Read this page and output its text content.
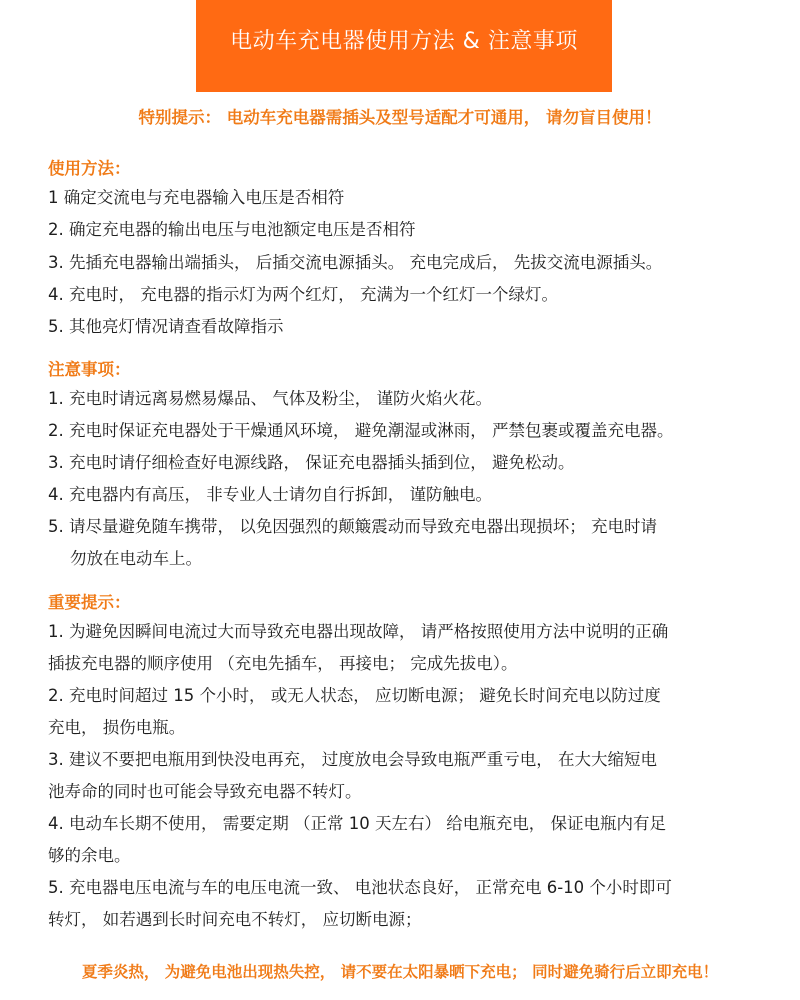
电动车充电器使用方法 & 注意事项
特别提示： 电动车充电器需插头及型号适配才可通用， 请勿盲目使用！
使用方法：
1 确定交流电与充电器输入电压是否相符
2. 确定充电器的输出电压与电池额定电压是否相符
3. 先插充电器输出端插头， 后插交流电源插头。 充电完成后， 先拔交流电源插头。
4. 充电时， 充电器的指示灯为两个红灯， 充满为一个红灯一个绿灯。
5. 其他亮灯情况请查看故障指示
注意事项：
1. 充电时请远离易燃易爆品、 气体及粉尘， 谨防火焰火花。
2. 充电时保证充电器处于干燥通风环境， 避免潮湿或淋雨， 严禁包裹或覆盖充电器。
3. 充电时请仔细检查好电源线路， 保证充电器插头插到位， 避免松动。
4. 充电器内有高压， 非专业人士请勿自行拆卸， 谨防触电。
5. 请尽量避免随车携带， 以免因强烈的颠簸震动而导致充电器出现损坏； 充电时请
勿放在电动车上。
重要提示：
1. 为避免因瞬间电流过大而导致充电器出现故障， 请严格按照使用方法中说明的正确
插拔充电器的顺序使用 （充电先插车， 再接电； 完成先拔电）。
2. 充电时间超过 15 个小时， 或无人状态， 应切断电源； 避免长时间充电以防过度
充电， 损伤电瓶。
3. 建议不要把电瓶用到快没电再充， 过度放电会导致电瓶严重亏电， 在大大缩短电
池寿命的同时也可能会导致充电器不转灯。
4. 电动车长期不使用， 需要定期 （正常 10 天左右） 给电瓶充电， 保证电瓶内有足
够的余电。
5. 充电器电压电流与车的电压电流一致、 电池状态良好， 正常充电 6-10 个小时即可
转灯， 如若遇到长时间充电不转灯， 应切断电源；
夏季炎热， 为避免电池出现热失控， 请不要在太阳暴晒下充电； 同时避免骑行后立即充电！
